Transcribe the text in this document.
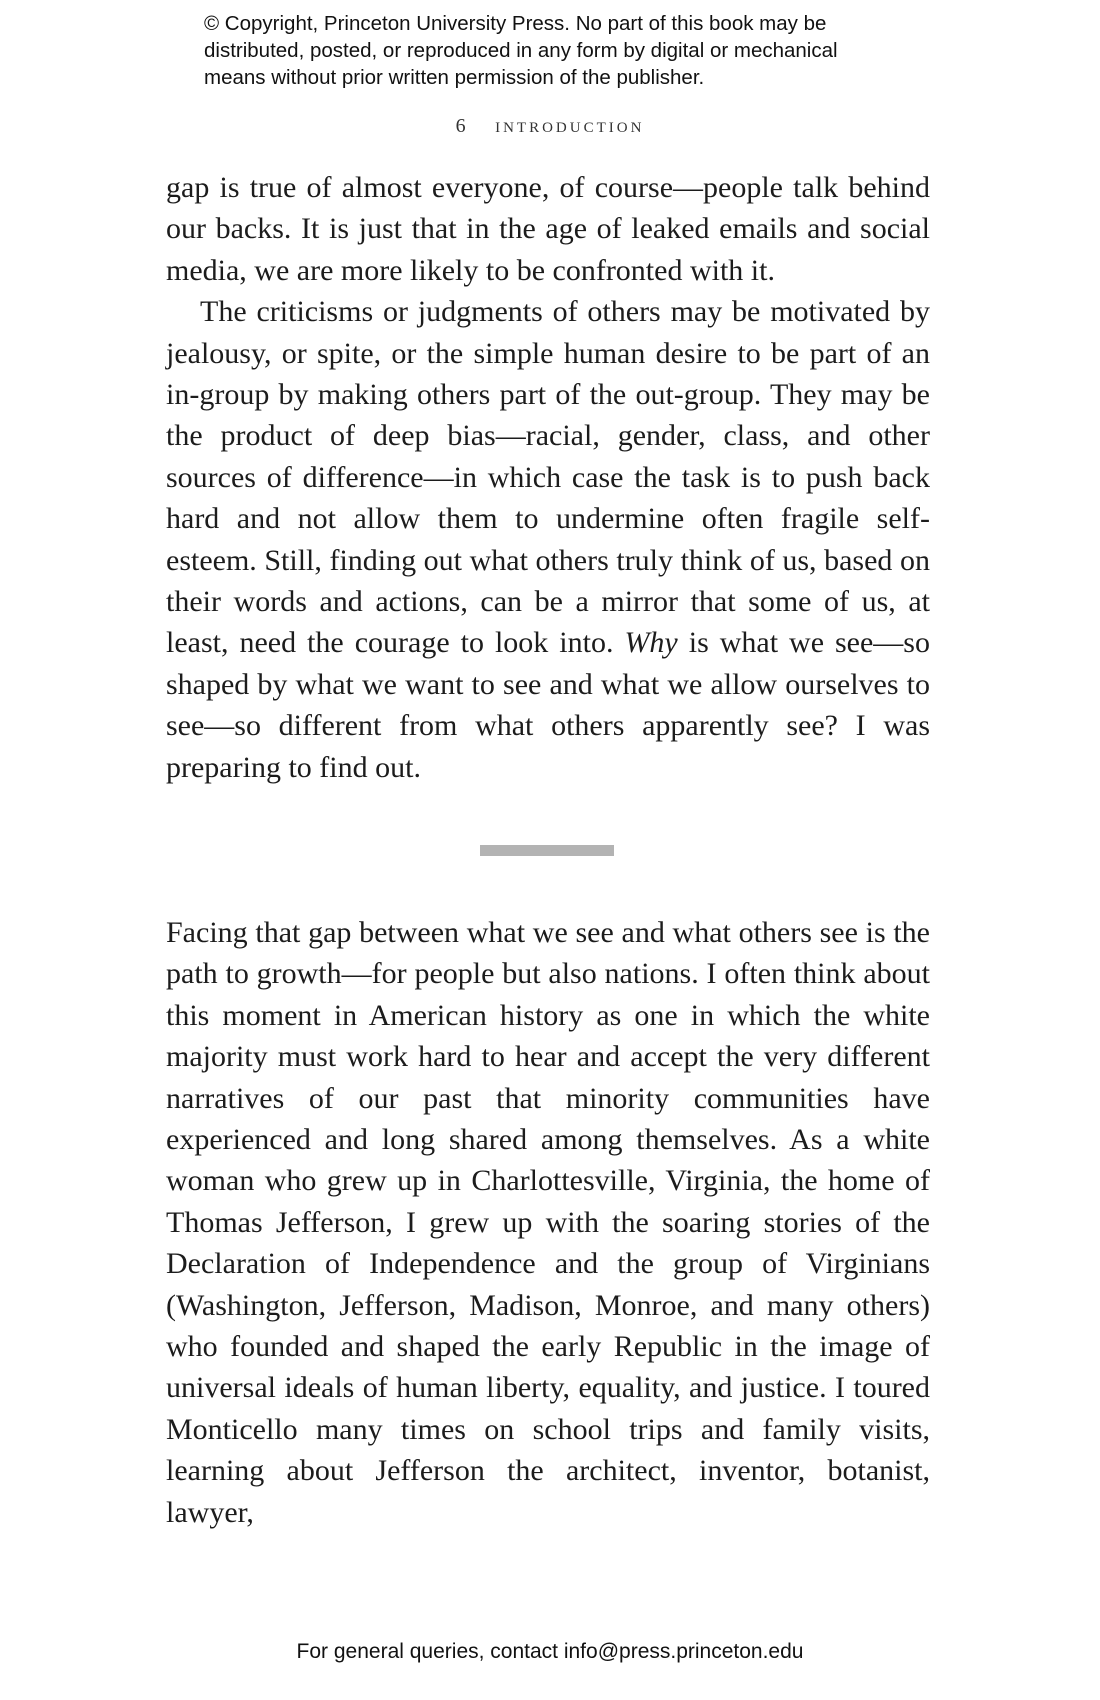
© Copyright, Princeton University Press. No part of this book may be
distributed, posted, or reproduced in any form by digital or mechanical
means without prior written permission of the publisher.
6 introduction

gap is true of almost everyone, of course—people talk behind our backs. It is just that in the age of leaked emails and social media, we are more likely to be confronted with it.

The criticisms or judgments of others may be motivated by jealousy, or spite, or the simple human desire to be part of an in-group by making others part of the out-group. They may be the product of deep bias—racial, gender, class, and other sources of difference—in which case the task is to push back hard and not allow them to undermine often fragile self-esteem. Still, finding out what others truly think of us, based on their words and actions, can be a mirror that some of us, at least, need the courage to look into. Why is what we see—so shaped by what we want to see and what we allow ourselves to see—so different from what others apparently see? I was preparing to find out.

Facing that gap between what we see and what others see is the path to growth—for people but also nations. I often think about this moment in American history as one in which the white majority must work hard to hear and accept the very different narratives of our past that minority communities have experienced and long shared among themselves. As a white woman who grew up in Charlottesville, Virginia, the home of Thomas Jefferson, I grew up with the soaring stories of the Declaration of Independence and the group of Virginians (Washington, Jefferson, Madison, Monroe, and many others) who founded and shaped the early Republic in the image of universal ideals of human liberty, equality, and justice. I toured Monticello many times on school trips and family visits, learning about Jefferson the architect, inventor, botanist, lawyer,

For general queries, contact info@press.princeton.edu
